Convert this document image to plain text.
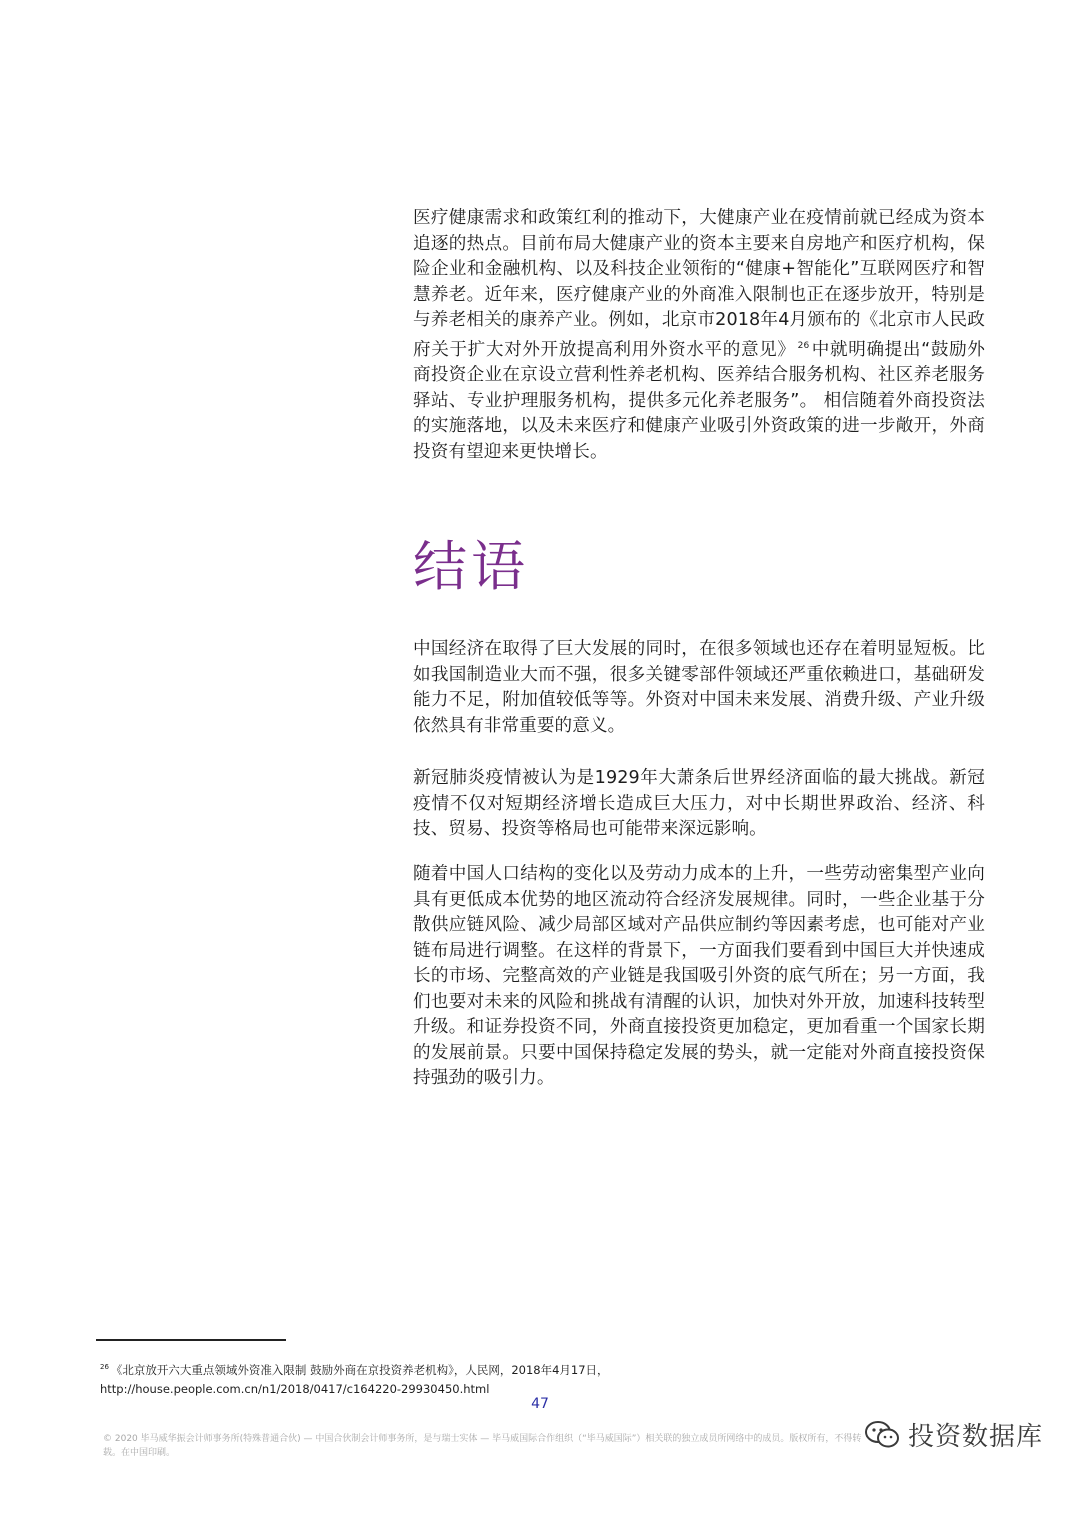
医疗健康需求和政策红利的推动下，大健康产业在疫情前就已经成为资本追逐的热点。目前布局大健康产业的资本主要来自房地产和医疗机构，保险企业和金融机构、以及科技企业领衔的“健康+智能化”互联网医疗和智慧养老。近年来，医疗健康产业的外商准入限制也正在逐步放开，特别是与养老相关的康养产业。例如，北京市2018年4月颁布的《北京市人民政府关于扩大对外开放提高利用外资水平的意见》 $^{26}$ 中就明确提出“鼓励外商投资企业在京设立营利性养老机构、医养结合服务机构、社区养老服务驿站、专业护理服务机构，提供多元化养老服务”。 相信随着外商投资法的实施落地，以及未来医疗和健康产业吸引外资政策的进一步敞开，外商投资有望迎来更快增长。
结语

中国经济在取得了巨大发展的同时，在很多领域也还存在着明显短板。比如我国制造业大而不强，很多关键零部件领域还严重依赖进口，基础研发能力不足，附加值较低等等。外资对中国未来发展、消费升级、产业升级依然具有非常重要的意义。

新冠肺炎疫情被认为是1929年大萧条后世界经济面临的最大挑战。新冠疫情不仅对短期经济增长造成巨大压力，对中长期世界政治、经济、科技、贸易、投资等格局也可能带来深远影响。

随着中国人口结构的变化以及劳动力成本的上升，一些劳动密集型产业向具有更低成本优势的地区流动符合经济发展规律。同时，一些企业基于分散供应链风险、减少局部区域对产品供应制约等因素考虑，也可能对产业链布局进行调整。在这样的背景下，一方面我们要看到中国巨大并快速成长的市场、完整高效的产业链是我国吸引外资的底气所在；另一方面，我们也要对未来的风险和挑战有清醒的认识，加快对外开放，加速科技转型升级。和证券投资不同，外商直接投资更加稳定，更加看重一个国家长期的发展前景。只要中国保持稳定发展的势头，就一定能对外商直接投资保持强劲的吸引力。

$^{26}$ 《北京放开六大重点领域外资准入限制 鼓励外商在京投资养老机构》，人民网，2018年4月17日，
http://house.people.com.cn/n1/2018/0417/c164220-29930450.html
47
© 2020 毕马威华振会计师事务所(特殊普通合伙) — 中国合伙制会计师事务所，是与瑞士实体 — 毕马威国际合作组织（“毕马威国际”）相关联的独立成员所网络中的成员。版权所有，不得转载。在中国印刷。
投资数据库
